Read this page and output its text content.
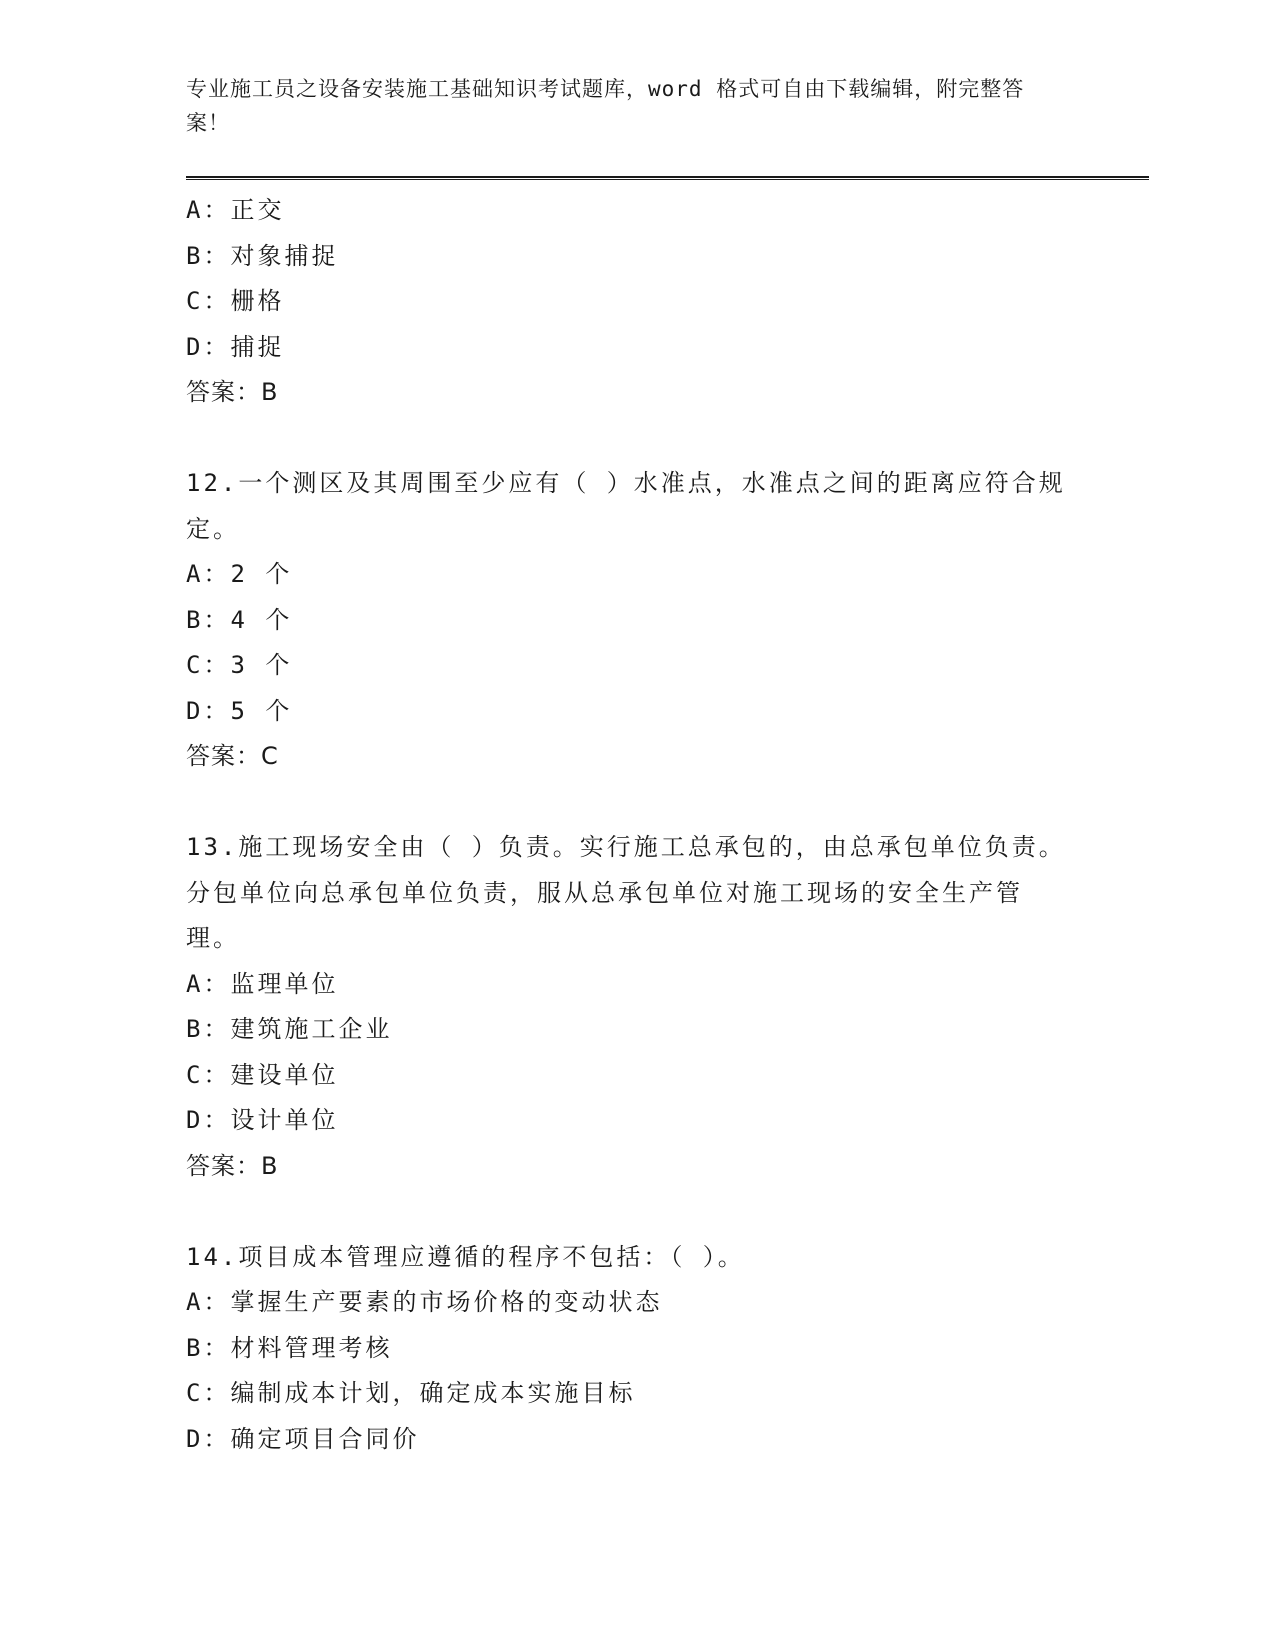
专业施工员之设备安装施工基础知识考试题库，word 格式可自由下载编辑，附完整答案！
A：正交
B：对象捕捉
C：栅格
D：捕捉
答案：B
12.一个测区及其周围至少应有（ ）水准点，水准点之间的距离应符合规定。
A：2 个
B：4 个
C：3 个
D：5 个
答案：C
13.施工现场安全由（ ）负责。实行施工总承包的，由总承包单位负责。分包单位向总承包单位负责，服从总承包单位对施工现场的安全生产管理。
A：监理单位
B：建筑施工企业
C：建设单位
D：设计单位
答案：B
14.项目成本管理应遵循的程序不包括：（ ）。
A：掌握生产要素的市场价格的变动状态
B：材料管理考核
C：编制成本计划，确定成本实施目标
D：确定项目合同价
